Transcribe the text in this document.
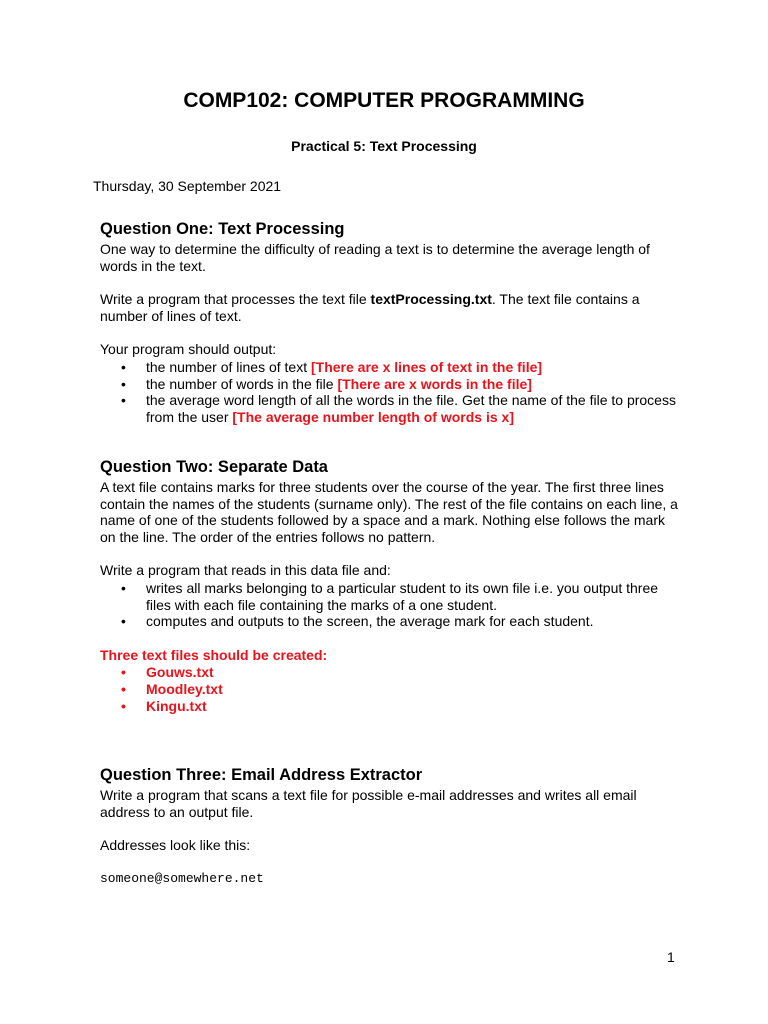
COMP102: COMPUTER PROGRAMMING
Practical 5: Text Processing
Thursday, 30 September 2021
Question One: Text Processing

One way to determine the difficulty of reading a text is to determine the average length of words in the text.

Write a program that processes the text file textProcessing.txt. The text file contains a number of lines of text.

Your program should output:

• the number of lines of text [There are x lines of text in the file]
• the number of words in the file [There are x words in the file]
• the average word length of all the words in the file. Get the name of the file to process from the user [The average number length of words is x]
Question Two: Separate Data

A text file contains marks for three students over the course of the year. The first three lines contain the names of the students (surname only). The rest of the file contains on each line, a name of one of the students followed by a space and a mark. Nothing else follows the mark on the line. The order of the entries follows no pattern.

Write a program that reads in this data file and:

• writes all marks belonging to a particular student to its own file i.e. you output three files with each file containing the marks of a one student.
• computes and outputs to the screen, the average mark for each student.

Three text files should be created:

• Gouws.txt
• Moodley.txt
• Kingu.txt
Question Three: Email Address Extractor

Write a program that scans a text file for possible e-mail addresses and writes all email address to an output file.

Addresses look like this:

someone@somewhere.net

1
